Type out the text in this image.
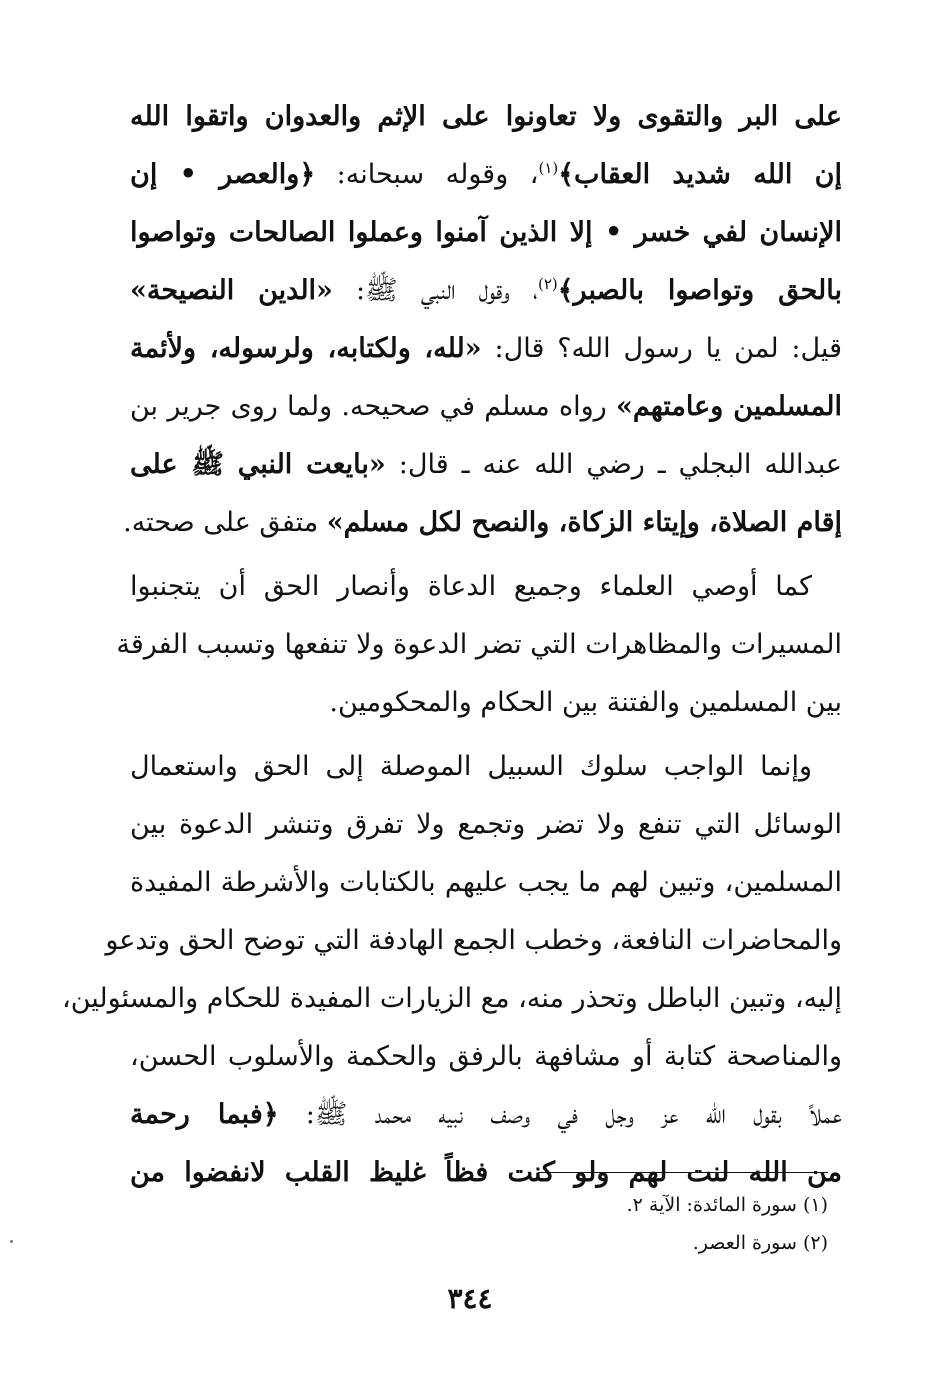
على البر والتقوى ولا تعاونوا على الإثم والعدوان واتقوا الله
إن الله شديد العقاب﴾$^{(١)}$، وقوله سبحانه: ﴿والعصر • إن
الإنسان لفي خسر • إلا الذين آمنوا وعملوا الصالحات وتواصوا
بالحق وتواصوا بالصبر﴾$^{(٢)}$، وقول النبي ﷺ: «الدين النصيحة»
قيل: لمن يا رسول الله؟ قال: «لله، ولكتابه، ولرسوله، ولأئمة
المسلمين وعامتهم» رواه مسلم في صحيحه. ولما روى جرير بن
عبدالله البجلي ـ رضي الله عنه ـ قال: «بايعت النبي ﷺ على
إقام الصلاة، وإيتاء الزكاة، والنصح لكل مسلم» متفق على صحته.
كما أوصي العلماء وجميع الدعاة وأنصار الحق أن يتجنبوا
المسيرات والمظاهرات التي تضر الدعوة ولا تنفعها وتسبب الفرقة
بين المسلمين والفتنة بين الحكام والمحكومين.
وإنما الواجب سلوك السبيل الموصلة إلى الحق واستعمال
الوسائل التي تنفع ولا تضر وتجمع ولا تفرق وتنشر الدعوة بين
المسلمين، وتبين لهم ما يجب عليهم بالكتابات والأشرطة المفيدة
والمحاضرات النافعة، وخطب الجمع الهادفة التي توضح الحق وتدعو
إليه، وتبين الباطل وتحذر منه، مع الزيارات المفيدة للحكام والمسئولين،
والمناصحة كتابة أو مشافهة بالرفق والحكمة والأسلوب الحسن،
عملاً بقول الله عز وجل في وصف نبيه محمد ﷺ: ﴿فبما رحمة
من الله لنت لهم ولو كنت فظاً غليظ القلب لانفضوا من
(١) سورة المائدة: الآية ٢.
(٢) سورة العصر.
٣٤٤
